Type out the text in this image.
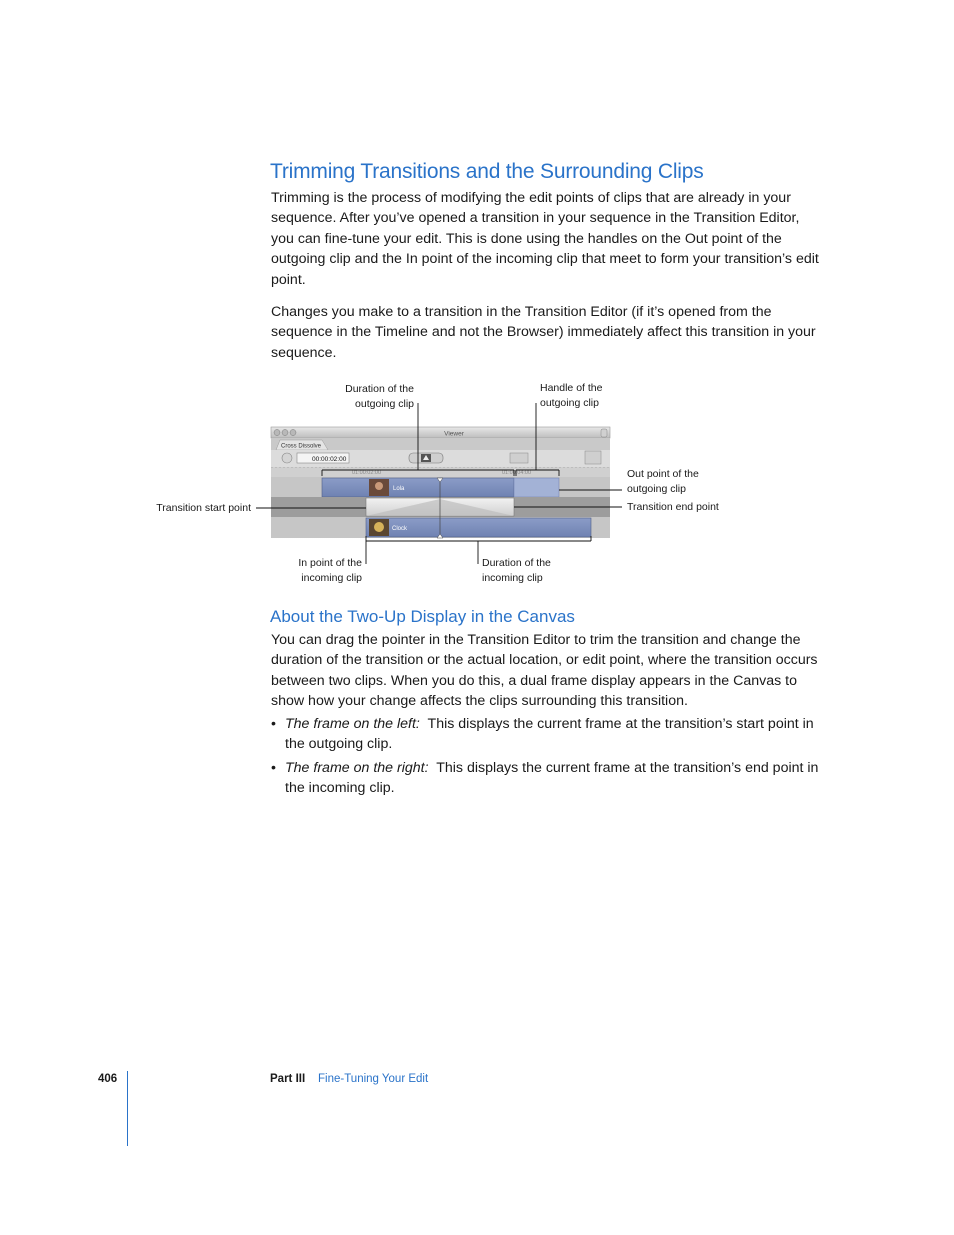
Trimming Transitions and the Surrounding Clips

Trimming is the process of modifying the edit points of clips that are already in your sequence. After you’ve opened a transition in your sequence in the Transition Editor, you can fine-tune your edit. This is done using the handles on the Out point of the outgoing clip and the In point of the incoming clip that meet to form your transition’s edit point.

Changes you make to a transition in the Transition Editor (if it’s opened from the sequence in the Timeline and not the Browser) immediately affect this transition in your sequence.

Duration of the
outgoing clip
Handle of the
outgoing clip
Out point of the
outgoing clip
Transition end point
Transition start point
In point of the
incoming clip
Duration of the
incoming clip
Viewer
Cross Dissolve
00:00:02:00
01:00:02:00	01:00:04:00
Lola
Clock
About the Two-Up Display in the Canvas

You can drag the pointer in the Transition Editor to trim the transition and change the duration of the transition or the actual location, or edit point, where the transition occurs between two clips. When you do this, a dual frame display appears in the Canvas to show how your change affects the clips surrounding this transition.

• The frame on the left: This displays the current frame at the transition’s start point in the outgoing clip.
• The frame on the right: This displays the current frame at the transition’s end point in the incoming clip.
406	Part III Fine-Tuning Your Edit
